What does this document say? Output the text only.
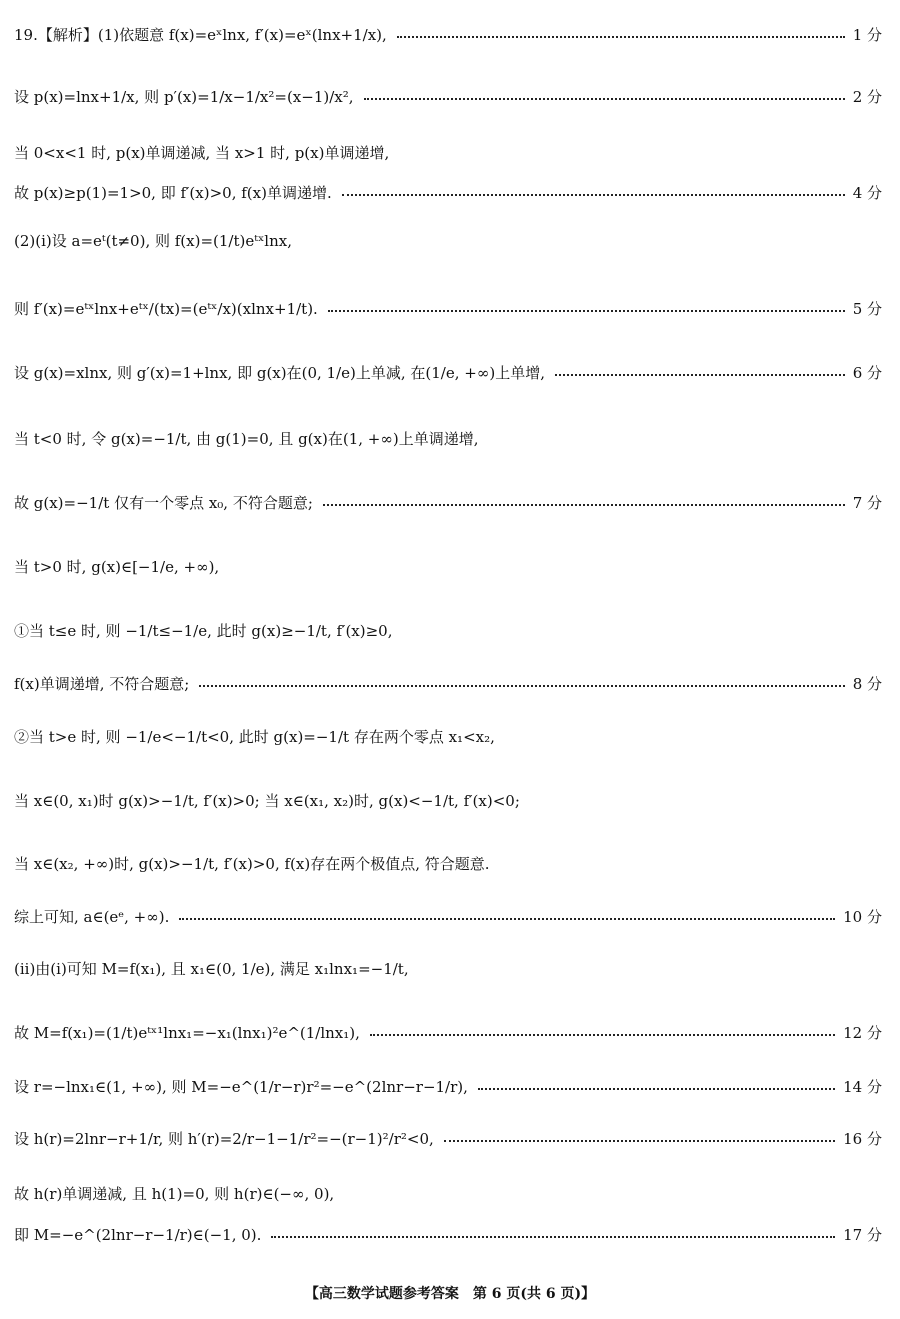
19.【解析】(1)依题意 f(x)=eˣlnx, f′(x)=eˣ(lnx+1/x),	1 分
设 p(x)=lnx+1/x, 则 p′(x)=1/x−1/x²=(x−1)/x²,	2 分
当 0<x<1 时, p(x)单调递减, 当 x>1 时, p(x)单调递增,
故 p(x)≥p(1)=1>0, 即 f′(x)>0, f(x)单调递增.	4 分
(2)(i)设 a=eᵗ(t≠0), 则 f(x)=(1/t)eᵗˣlnx,
则 f′(x)=eᵗˣlnx+eᵗˣ/(tx)=(eᵗˣ/x)(xlnx+1/t).	5 分
设 g(x)=xlnx, 则 g′(x)=1+lnx, 即 g(x)在(0, 1/e)上单减, 在(1/e, +∞)上单增,	6 分
当 t<0 时, 令 g(x)=−1/t, 由 g(1)=0, 且 g(x)在(1, +∞)上单调递增,
故 g(x)=−1/t 仅有一个零点 x₀, 不符合题意;	7 分
当 t>0 时, g(x)∈[−1/e, +∞),
①当 t≤e 时, 则 −1/t≤−1/e, 此时 g(x)≥−1/t, f′(x)≥0,
f(x)单调递增, 不符合题意;	8 分
②当 t>e 时, 则 −1/e<−1/t<0, 此时 g(x)=−1/t 存在两个零点 x₁<x₂,
当 x∈(0, x₁)时 g(x)>−1/t, f′(x)>0; 当 x∈(x₁, x₂)时, g(x)<−1/t, f′(x)<0;
当 x∈(x₂, +∞)时, g(x)>−1/t, f′(x)>0, f(x)存在两个极值点, 符合题意.
综上可知, a∈(eᵉ, +∞).	10 分
(ii)由(i)可知 M=f(x₁), 且 x₁∈(0, 1/e), 满足 x₁lnx₁=−1/t,
故 M=f(x₁)=(1/t)eᵗˣ¹lnx₁=−x₁(lnx₁)²e^(1/lnx₁),	12 分
设 r=−lnx₁∈(1, +∞), 则 M=−e^(1/r−r)r²=−e^(2lnr−r−1/r),	14 分
设 h(r)=2lnr−r+1/r, 则 h′(r)=2/r−1−1/r²=−(r−1)²/r²<0,	16 分
故 h(r)单调递减, 且 h(1)=0, 则 h(r)∈(−∞, 0),
即 M=−e^(2lnr−r−1/r)∈(−1, 0).	17 分
【高三数学试题参考答案　第 6 页(共 6 页)】
